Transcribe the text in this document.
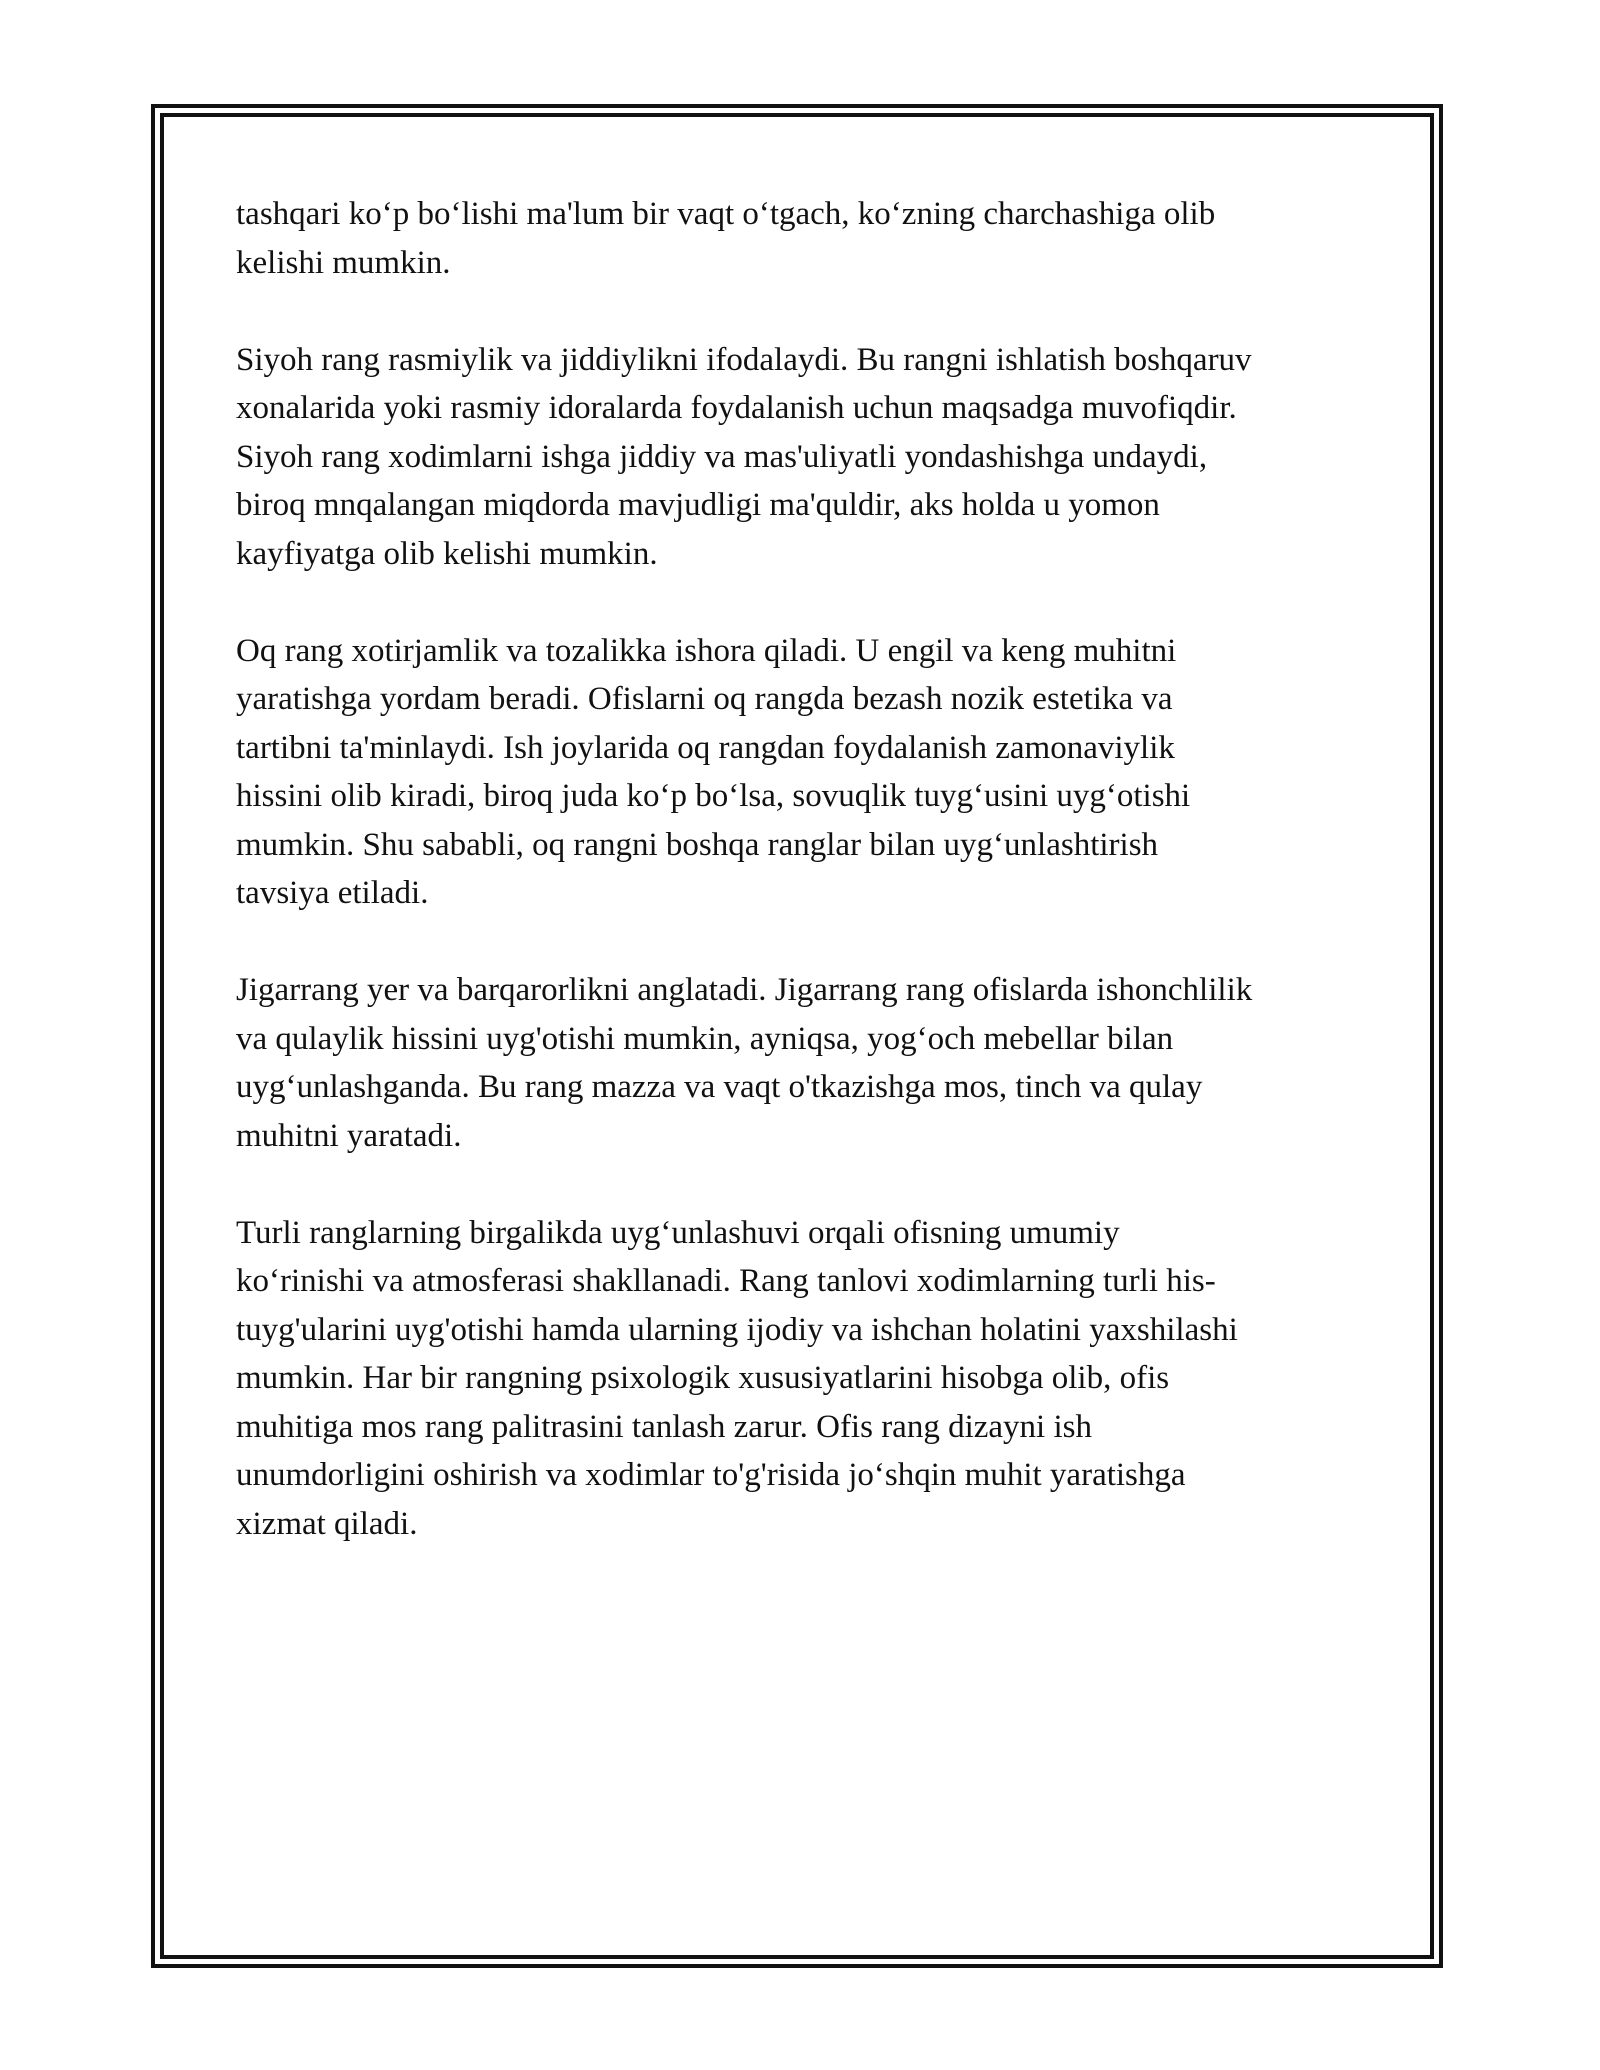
tashqari ko‘p bo‘lishi ma'lum bir vaqt o‘tgach, ko‘zning charchashiga olib
kelishi mumkin.

Siyoh rang rasmiylik va jiddiylikni ifodalaydi. Bu rangni ishlatish boshqaruv
xonalarida yoki rasmiy idoralarda foydalanish uchun maqsadga muvofiqdir.
Siyoh rang xodimlarni ishga jiddiy va mas'uliyatli yondashishga undaydi,
biroq mnqalangan miqdorda mavjudligi ma'quldir, aks holda u yomon
kayfiyatga olib kelishi mumkin.

Oq rang xotirjamlik va tozalikka ishora qiladi. U engil va keng muhitni
yaratishga yordam beradi. Ofislarni oq rangda bezash nozik estetika va
tartibni ta'minlaydi. Ish joylarida oq rangdan foydalanish zamonaviylik
hissini olib kiradi, biroq juda ko‘p bo‘lsa, sovuqlik tuyg‘usini uyg‘otishi
mumkin. Shu sababli, oq rangni boshqa ranglar bilan uyg‘unlashtirish
tavsiya etiladi.

Jigarrang yer va barqarorlikni anglatadi. Jigarrang rang ofislarda ishonchlilik
va qulaylik hissini uyg'otishi mumkin, ayniqsa, yog‘och mebellar bilan
uyg‘unlashganda. Bu rang mazza va vaqt o'tkazishga mos, tinch va qulay
muhitni yaratadi.

Turli ranglarning birgalikda uyg‘unlashuvi orqali ofisning umumiy
ko‘rinishi va atmosferasi shakllanadi. Rang tanlovi xodimlarning turli his-
tuyg'ularini uyg'otishi hamda ularning ijodiy va ishchan holatini yaxshilashi
mumkin. Har bir rangning psixologik xususiyatlarini hisobga olib, ofis
muhitiga mos rang palitrasini tanlash zarur. Ofis rang dizayni ish
unumdorligini oshirish va xodimlar to'g'risida jo‘shqin muhit yaratishga
xizmat qiladi.
